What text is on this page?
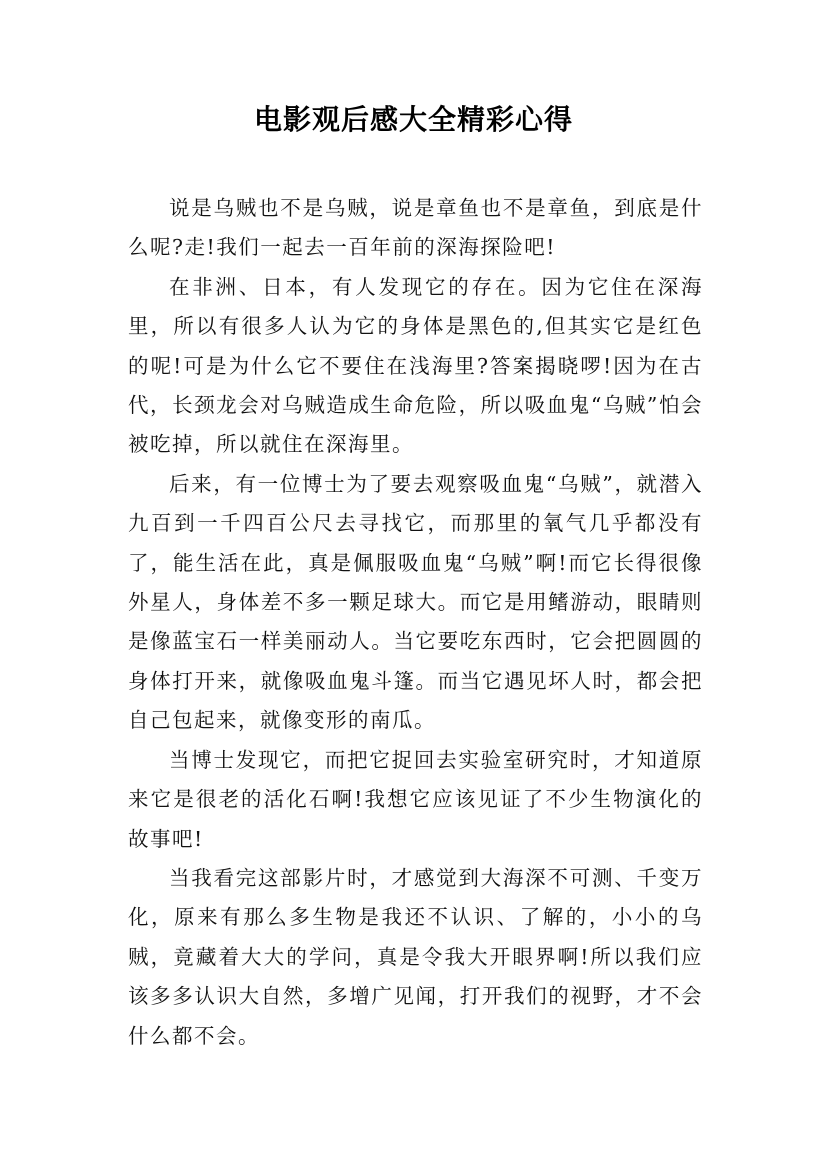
电影观后感大全精彩心得

说是乌贼也不是乌贼，说是章鱼也不是章鱼，到底是什么呢?走!我们一起去一百年前的深海探险吧!

在非洲、日本，有人发现它的存在。因为它住在深海里，所以有很多人认为它的身体是黑色的,但其实它是红色的呢!可是为什么它不要住在浅海里?答案揭晓啰!因为在古代，长颈龙会对乌贼造成生命危险，所以吸血鬼“乌贼”怕会被吃掉，所以就住在深海里。

后来，有一位博士为了要去观察吸血鬼“乌贼”，就潜入九百到一千四百公尺去寻找它，而那里的氧气几乎都没有了，能生活在此，真是佩服吸血鬼“乌贼”啊!而它长得很像外星人，身体差不多一颗足球大。而它是用鳍游动，眼睛则是像蓝宝石一样美丽动人。当它要吃东西时，它会把圆圆的身体打开来，就像吸血鬼斗篷。而当它遇见坏人时，都会把自己包起来，就像变形的南瓜。

当博士发现它，而把它捉回去实验室研究时，才知道原来它是很老的活化石啊!我想它应该见证了不少生物演化的故事吧!

当我看完这部影片时，才感觉到大海深不可测、千变万化，原来有那么多生物是我还不认识、了解的，小小的乌贼，竟藏着大大的学问，真是令我大开眼界啊!所以我们应该多多认识大自然，多增广见闻，打开我们的视野，才不会什么都不会。
